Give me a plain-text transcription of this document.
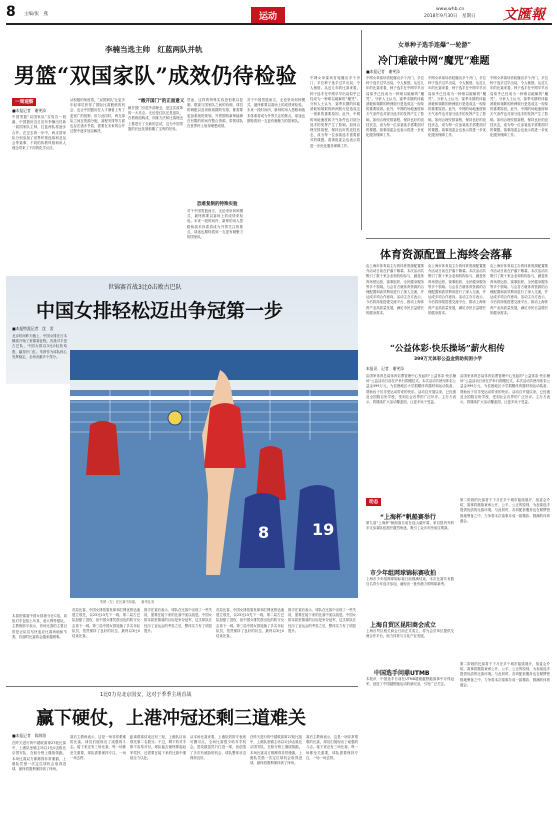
8 主编/张　燕	运动
www.whb.cn
2018年9月30日　星期日 文匯報
李楠当选主帅　红蓝两队并轨
男篮“双国家队”成效仍待检验
一周观察
■本报记者　谢笑添
中国男篮“双国家队”实验告一段落，中国篮协近日宣布李楠出任新一届国家队主帅，红蓝两队将逐步合并。在过去的一年中，两支国家队分别参加了世界杯预选赛和亚运会等赛事，不同的执教风格和用人理念带来了不同的化学反应。
从积极的角度看，“双国家队”让更多年轻球员获得了国际比赛锻炼的机会，也让中国篮协在人才储备上有了更宽广的视野。但与此同时，两支球队之间在资源分配、赛程安排等方面也存在诸多矛盾，需要在未来的合并过程中逐步加以解决。
“敞开国门”的正面意义
敞开国门引进外部理念，是这次改革的一大亮点。无论是红队还是蓝队，在教练组构成、训练方法和比赛理念上都进行了全新的尝试，这为中国男篮的长远发展积累了宝贵的经验。
然而，这样的特殊实验恐怕难以复制。联赛与国家队之间的协调、球员的调配以及训练周期的安排，都需要更加系统的规划。外界期待新帅能够在有限的时间内整合资源，带领球队在世界杯上取得理想成绩。
恐难复制的特殊实验
对于中国男篮而言，无论采用何种模式，最终都要以赛场上的成绩来检验。未来一段时间内，新帅的用人思路和战术体系将成为外界关注的焦点，球迷也期待看到一支更有凝聚力的国家队。
对于中国男篮而言，无论采用何种模式，最终都要以赛场上的成绩来检验。未来一段时间内，新帅的用人思路和战术体系将成为外界关注的焦点，球迷也期待看到一支更有凝聚力的国家队。
女单种子选手连爆“一轮游”
冷门难破中网“魔咒”难题
■本报记者　谢笑添
中网女单赛场首轮爆出多个冷门，多位种子选手过早出局，令人惋惜。从近几年的比赛来看，种子选手在中网早早出局似乎已经成为一种难以破解的“魔咒”。分析人士认为，赛季末期的体能消耗和频繁的跨洲旅行是造成这一现象的重要原因。此外，中网的场地速度和天气条件也对部分选手的发挥产生了影响。如何合理安排赛程、保持良好的竞技状态，成为每一位参赛选手需要面对的课题。赛事组委会也表示将进一步优化服务保障工作。
中网女单赛场首轮爆出多个冷门，多位种子选手过早出局，令人惋惜。从近几年的比赛来看，种子选手在中网早早出局似乎已经成为一种难以破解的“魔咒”。分析人士认为，赛季末期的体能消耗和频繁的跨洲旅行是造成这一现象的重要原因。此外，中网的场地速度和天气条件也对部分选手的发挥产生了影响。如何合理安排赛程、保持良好的竞技状态，成为每一位参赛选手需要面对的课题。赛事组委会也表示将进一步优化服务保障工作。
中网女单赛场首轮爆出多个冷门，多位种子选手过早出局，令人惋惜。从近几年的比赛来看，种子选手在中网早早出局似乎已经成为一种难以破解的“魔咒”。分析人士认为，赛季末期的体能消耗和频繁的跨洲旅行是造成这一现象的重要原因。此外，中网的场地速度和天气条件也对部分选手的发挥产生了影响。如何合理安排赛程、保持良好的竞技状态，成为每一位参赛选手需要面对的课题。赛事组委会也表示将进一步优化服务保障工作。
中网女单赛场首轮爆出多个冷门，多位种子选手过早出局，令人惋惜。从近几年的比赛来看，种子选手在中网早早出局似乎已经成为一种难以破解的“魔咒”。分析人士认为，赛季末期的体能消耗和频繁的跨洲旅行是造成这一现象的重要原因。此外，中网的场地速度和天气条件也对部分选手的发挥产生了影响。如何合理安排赛程、保持良好的竞技状态，成为每一位参赛选手需要面对的课题。赛事组委会也表示将进一步优化服务保障工作。
体育资源配置上海终会落幕
由上海市体育局主办的体育资源配置推介活动日前在沪落下帷幕。本次活动共吸引了数十家企业和机构参与，涵盖体育场馆运营、赛事组织、全民健身服务等多个领域。与会各方就体育资源的合理配置和高效利用进行了深入交流，并达成多项合作意向。活动主办方表示，今后将持续搭建交流平台，推动上海体育产业高质量发展，满足市民日益增长的健身需求。
由上海市体育局主办的体育资源配置推介活动日前在沪落下帷幕。本次活动共吸引了数十家企业和机构参与，涵盖体育场馆运营、赛事组织、全民健身服务等多个领域。与会各方就体育资源的合理配置和高效利用进行了深入交流，并达成多项合作意向。活动主办方表示，今后将持续搭建交流平台，推动上海体育产业高质量发展，满足市民日益增长的健身需求。
由上海市体育局主办的体育资源配置推介活动日前在沪落下帷幕。本次活动共吸引了数十家企业和机构参与，涵盖体育场馆运营、赛事组织、全民健身服务等多个领域。与会各方就体育资源的合理配置和高效利用进行了深入交流，并达成多项合作意向。活动主办方表示，今后将持续搭建交流平台，推动上海体育产业高质量发展，满足市民日益增长的健身需求。
“公益体彩·快乐操场”薪火相传
399万元体彩公益金资助贫困小学
本报讯　记者　谢笑添
由国家体育总局体育彩票管理中心发起的“公益体彩·快乐操场”公益活动日前在沪举行捐赠仪式。本次活动共使用体彩公益金399万元，为贫困地区小学捐赠体育器材和运动装备，帮助孩子们享受运动带来的快乐。活动自开展以来，已经惠及全国数百所学校，受到社会各界的广泛好评。主办方表示，将继续扩大活动覆盖面，让更多孩子受益。
由国家体育总局体育彩票管理中心发起的“公益体彩·快乐操场”公益活动日前在沪举行捐赠仪式。本次活动共使用体彩公益金399万元，为贫困地区小学捐赠体育器材和运动装备，帮助孩子们享受运动带来的快乐。活动自开展以来，已经惠及全国数百所学校，受到社会各界的广泛好评。主办方表示，将继续扩大活动覆盖面，让更多孩子受益。
动态
“上海杯”帆船赛举行
第九届“上海杯”帆船赛日前在淀山湖开幕，来自国内外的多支参赛队伍展开激烈角逐，吸引了众多市民前往观赛。
市少年组网球锦标赛收拍
上海市少年组网球锦标赛日前圆满结束，本次比赛共有数百名青少年选手参加，涌现出一批有潜力的网球新秀。
上海自贸区昆阳商会成立
上海自贸区相关商会日前正式成立，将为会员单位提供交流合作平台，助力体育与文化产业发展。
中国选手问鼎UTMB
本报讯　中国选手日前在UTMB超级越野跑赛事中夺得冠军，创造了中国越野跑运动的新纪录，引发广泛关注。
第二阶段的比赛将于下月在多个城市陆续展开，组委会介绍，赛事将继续秉承公开、公平、公正的原则，为参赛选手提供优质的比赛环境。与此同时，各项配套服务也在紧锣密鼓地筹备之中，力争将本次赛事办成一届精彩、圆满的体育盛会。
第二阶段的比赛将于下月在多个城市陆续展开，组委会介绍，赛事将继续秉承公开、公平、公正的原则，为参赛选手提供优质的比赛环境。与此同时，各项配套服务也在紧锣密鼓地筹备之中，力争将本次赛事办成一届精彩、圆满的体育盛会。
世锦赛首战3比0击败古巴队
中国女排轻松迈出争冠第一步
■本报特派记者　沈　雷
北京时间昨天晚上，中国女排在日本横滨开始了世锦赛征程。首战对手是古巴队，中国女排以3比0轻松取胜，赢得开门红。朱婷作为球队核心发挥稳定，全场贡献多个得分。
8	19
朱婷（左）在比赛中扣球。　新华社发
本届世锦赛中国女排被分在C组，同组对手包括土耳其、意大利等强队。主教练郎平表示，首场比赛的主要目的是让队员尽快适应比赛场地和节奏，后面的比赛将会越来越困难。
首局比赛，中国女排依靠发球和拦网优势迅速建立领先，以25比15先下一城。第二局古巴队加强了进攻，但中国女排凭借出色的防守反击再下一城。第三局中国女排轮换了多名年轻队员，依然保持了良好的状态，最终以3比0结束比赛。
郎平在赛后表示，球队在比赛中出现了一些失误，需要在接下来的比赛中加以改进。中国女排本届世锦赛的目标是争夺冠军，这支球队在经历了亚运会的考验之后，整体实力有了明显提升。
首局比赛，中国女排依靠发球和拦网优势迅速建立领先，以25比15先下一城。第二局古巴队加强了进攻，但中国女排凭借出色的防守反击再下一城。第三局中国女排轮换了多名年轻队员，依然保持了良好的状态，最终以3比0结束比赛。
郎平在赛后表示，球队在比赛中出现了一些失误，需要在接下来的比赛中加以改进。中国女排本届世锦赛的目标是争夺冠军，这支球队在经历了亚运会的考验之后，整体实力有了明显提升。
1比0力克北京国安，这对于季季主场首战
赢下硬仗，上港冲冠还剩三道难关
■本报记者　陈海翔
在昨天进行的中超联赛第27轮比赛中，上港队坐镇主场以1比0击败北京国安队，在积分榜上继续领跑。本场比赛双方都踢得非常谨慎，上港队凭借一次定位球机会取得进球，最终将胜利保持到了终场。
赛后主教练表示，这是一场非常艰难的比赛，球员们展现出了顽强的斗志。接下来还有三场比赛，每一场都至关重要，球队需要保持专注，一场一场去拼。
距离联赛结束还有三轮，上港队目前领先第二名数分。不过，剩下的对手都不容易对付，球队能否最终捧起冠军奖杯，还需要在接下来的比赛中继续全力以赴。
从本场比赛来看，上港队的防守表现可圈可点，全场比赛很少给对手机会。进攻端虽然只打进一球，但创造了多次有威胁的机会，球队整体状态保持良好。
在昨天进行的中超联赛第27轮比赛中，上港队坐镇主场以1比0击败北京国安队，在积分榜上继续领跑。本场比赛双方都踢得非常谨慎，上港队凭借一次定位球机会取得进球，最终将胜利保持到了终场。
赛后主教练表示，这是一场非常艰难的比赛，球员们展现出了顽强的斗志。接下来还有三场比赛，每一场都至关重要，球队需要保持专注，一场一场去拼。
